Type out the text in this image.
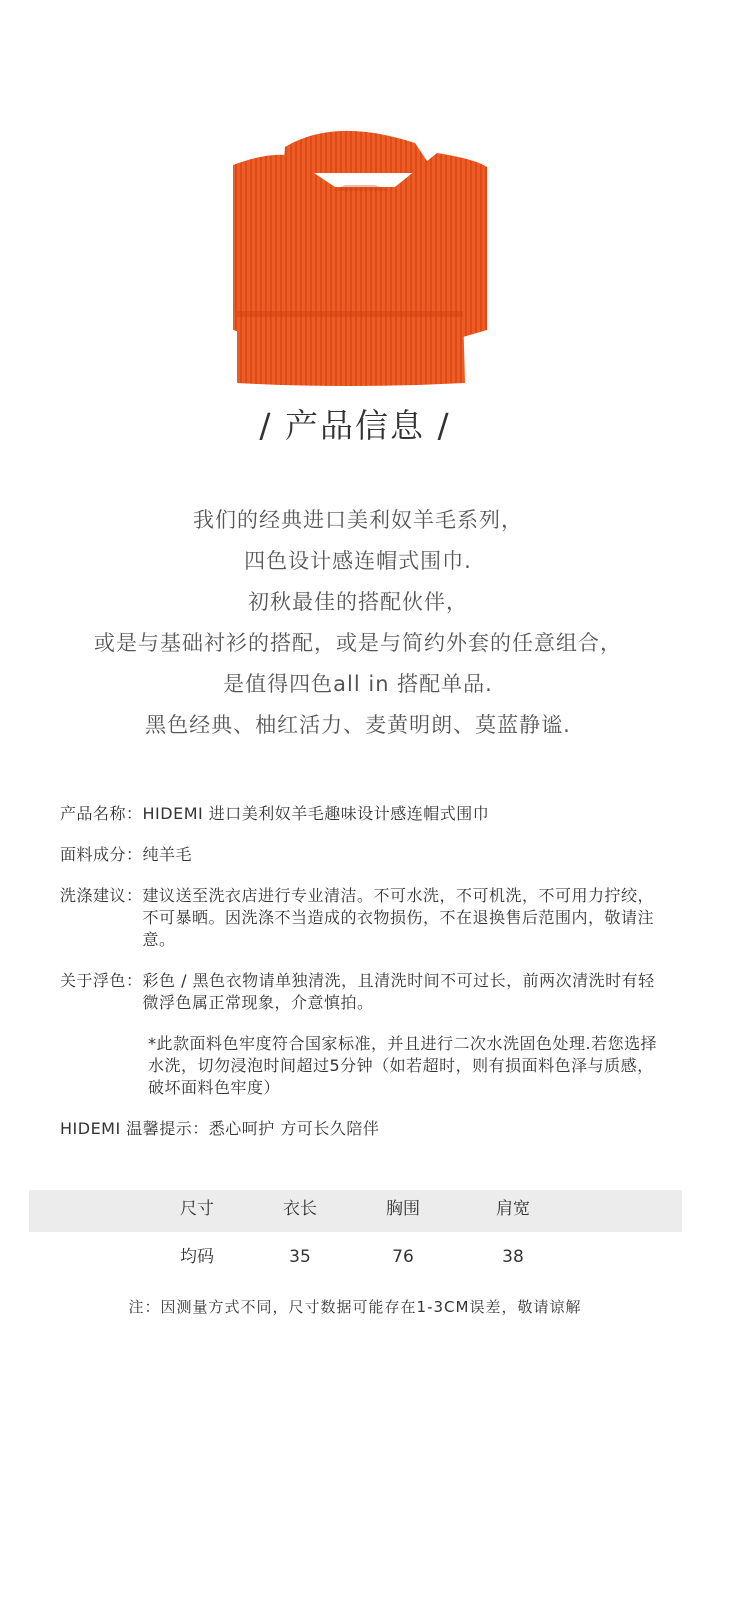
/ 产品信息 /
我们的经典进口美利奴羊毛系列，
四色设计感连帽式围巾.
初秋最佳的搭配伙伴，
或是与基础衬衫的搭配，或是与简约外套的任意组合，
是值得四色all in 搭配单品.
黑色经典、柚红活力、麦黄明朗、莫蓝静谧.
产品名称： HIDEMI 进口美利奴羊毛趣味设计感连帽式围巾
面料成分： 纯羊毛
洗涤建议： 建议送至洗衣店进行专业清洁。不可水洗，不可机洗，不可用力拧绞，不可暴晒。因洗涤不当造成的衣物损伤，不在退换售后范围内，敬请注意。
关于浮色： 彩色 / 黑色衣物请单独清洗，且清洗时间不可过长，前两次清洗时有轻微浮色属正常现象，介意慎拍。
*此款面料色牢度符合国家标准，并且进行二次水洗固色处理.若您选择水洗，切勿浸泡时间超过5分钟（如若超时，则有损面料色泽与质感，破坏面料色牢度）
HIDEMI 温馨提示：悉心呵护 方可长久陪伴
尺寸	衣长	胸围	肩宽
均码	35	76	38
注：因测量方式不同，尺寸数据可能存在1-3CM误差，敬请谅解
